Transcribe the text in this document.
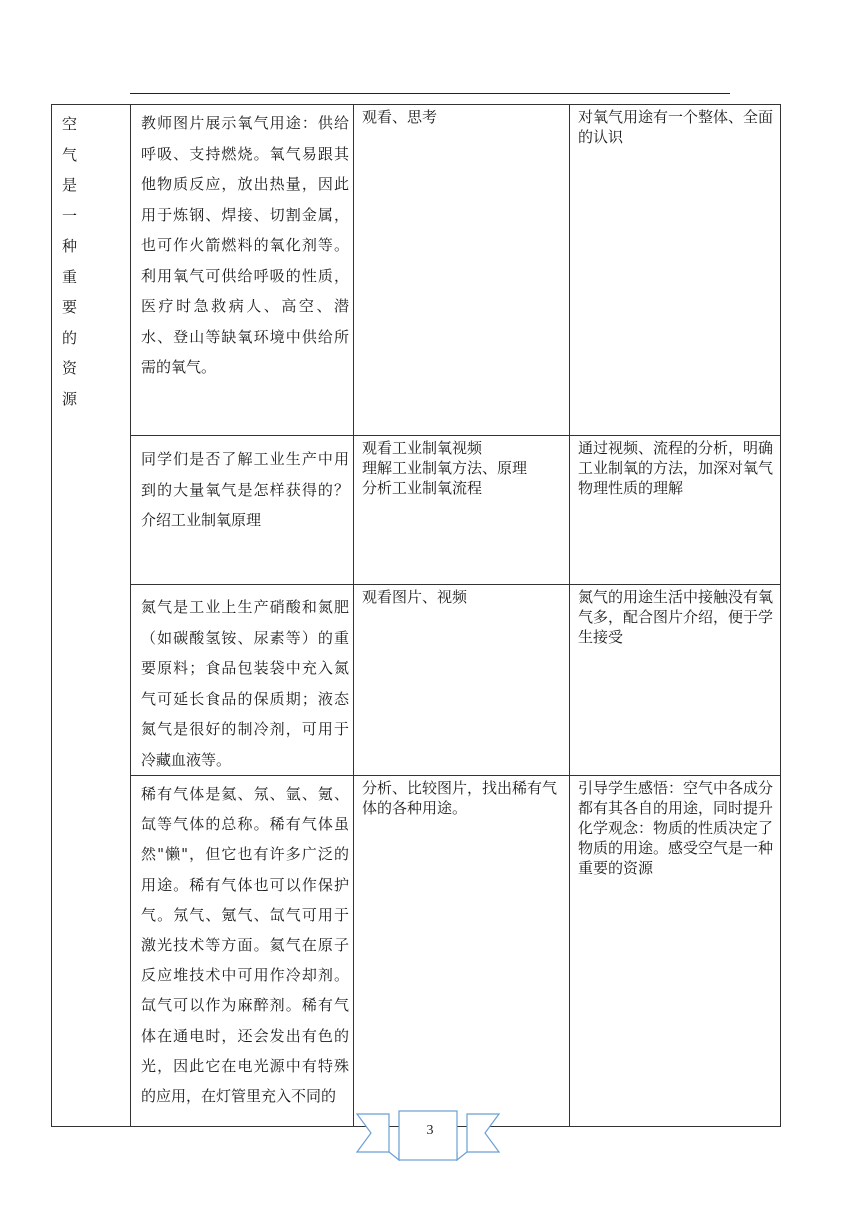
空气是一种重要的资源	教师图片展示氧气用途：供给呼吸、支持燃烧。氧气易跟其他物质反应，放出热量，因此用于炼钢、焊接、切割金属，也可作火箭燃料的氧化剂等。利用氧气可供给呼吸的性质，医疗时急救病人、高空、潜水、登山等缺氧环境中供给所需的氧气。	观看、思考	对氧气用途有一个整体、全面的认识

	同学们是否了解工业生产中用到的大量氧气是怎样获得的？介绍工业制氧原理	观看工业制氧视频
理解工业制氧方法、原理
分析工业制氧流程	通过视频、流程的分析，明确工业制氧的方法，加深对氧气物理性质的理解

	氮气是工业上生产硝酸和氮肥（如碳酸氢铵、尿素等）的重要原料；食品包装袋中充入氮气可延长食品的保质期；液态氮气是很好的制冷剂，可用于冷藏血液等。	观看图片、视频	氮气的用途生活中接触没有氧气多，配合图片介绍，便于学生接受

	稀有气体是氦、氖、氩、氪、氙等气体的总称。稀有气体虽然"懒"，但它也有许多广泛的用途。稀有气体也可以作保护气。氖气、氪气、氙气可用于激光技术等方面。氦气在原子反应堆技术中可用作冷却剂。氙气可以作为麻醉剂。稀有气体在通电时，还会发出有色的光，因此它在电光源中有特殊的应用，在灯管里充入不同的	分析、比较图片，找出稀有气体的各种用途。	引导学生感悟：空气中各成分都有其各自的用途，同时提升化学观念：物质的性质决定了物质的用途。感受空气是一种重要的资源
3
